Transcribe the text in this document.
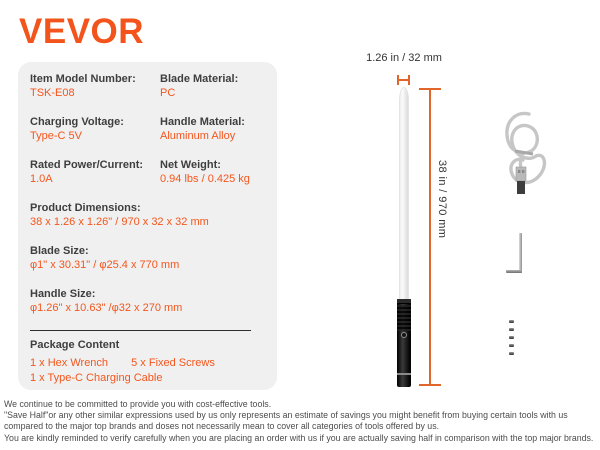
VEVOR
Item Model Number:
TSK-E08
Blade Material:
PC
Charging Voltage:
Type-C 5V
Handle Material:
Aluminum Alloy
Rated Power/Current:
1.0A
Net Weight:
0.94 lbs / 0.425 kg
Product Dimensions:
38 x 1.26 x 1.26" / 970 x 32 x 32 mm
Blade Size:
φ1" x 30.31" / φ25.4 x 770 mm
Handle Size:
φ1.26" x 10.63" /φ32 x 270 mm
Package Content
1 x Hex Wrench 5 x Fixed Screws
1 x Type-C Charging Cable
1.26 in / 32 mm
38 in / 970 mm
We continue to be committed to provide you with cost-effective tools.
"Save Half"or any other similar expressions used by us only represents an estimate of savings you might benefit from buying certain tools with us
compared to the major top brands and doses not necessarily mean to cover all categories of tools offered by us.
You are kindly reminded to verify carefully when you are placing an order with us if you are actually saving half in comparison with the top major brands.
